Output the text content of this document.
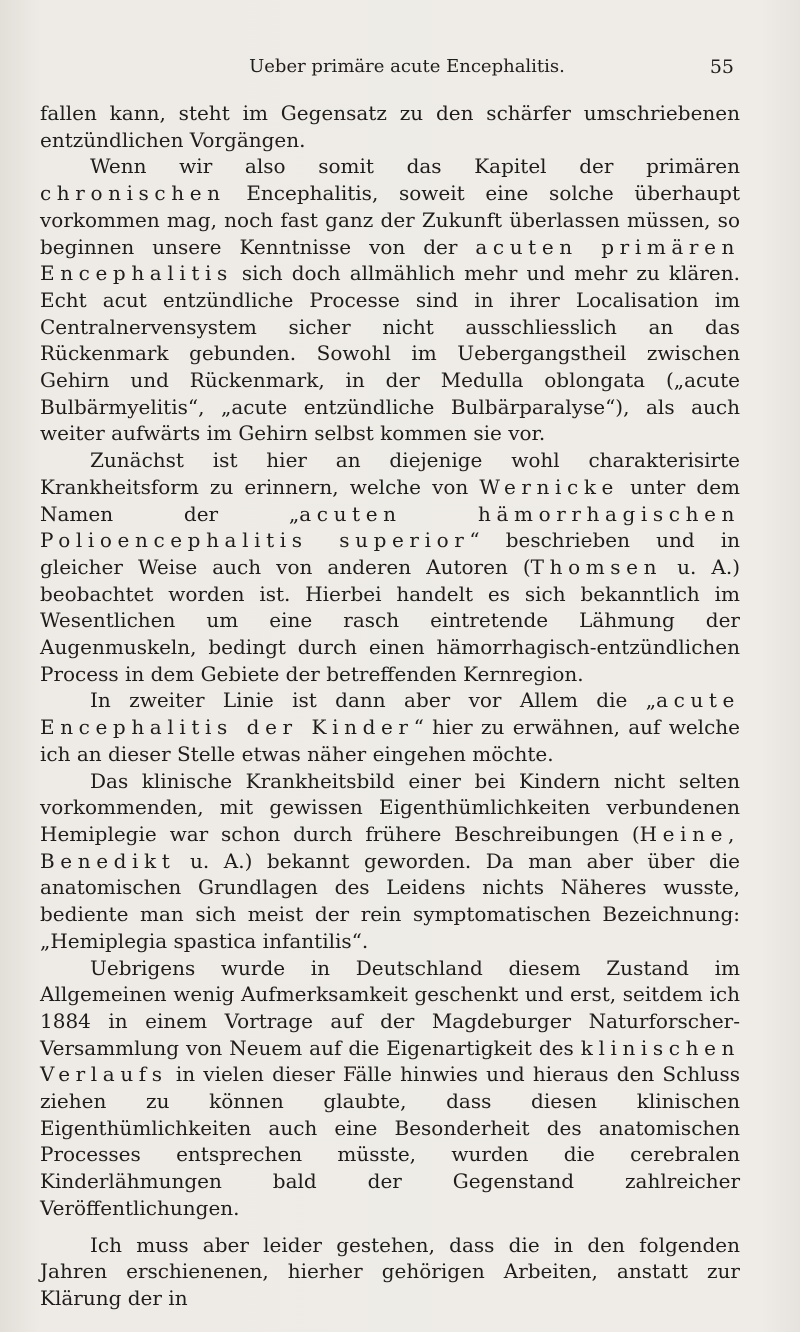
Ueber primäre acute Encephalitis.	55

fallen kann, steht im Gegensatz zu den schärfer umschriebenen entzündlichen Vorgängen.

Wenn wir also somit das Kapitel der primären chronischen Encephalitis, soweit eine solche überhaupt vorkommen mag, noch fast ganz der Zukunft überlassen müssen, so beginnen unsere Kenntnisse von der acuten primären Encephalitis sich doch allmählich mehr und mehr zu klären. Echt acut entzündliche Processe sind in ihrer Localisation im Centralnervensystem sicher nicht ausschliesslich an das Rückenmark gebunden. Sowohl im Uebergangstheil zwischen Gehirn und Rückenmark, in der Medulla oblongata („acute Bulbärmyelitis“, „acute entzündliche Bulbärparalyse“), als auch weiter aufwärts im Gehirn selbst kommen sie vor.

Zunächst ist hier an diejenige wohl charakterisirte Krankheitsform zu erinnern, welche von Wernicke unter dem Namen der „acuten hämorrhagischen Polioencephalitis superior“ beschrieben und in gleicher Weise auch von anderen Autoren (Thomsen u. A.) beobachtet worden ist. Hierbei handelt es sich bekanntlich im Wesentlichen um eine rasch eintretende Lähmung der Augenmuskeln, bedingt durch einen hämorrhagisch-entzündlichen Process in dem Gebiete der betreffenden Kernregion.

In zweiter Linie ist dann aber vor Allem die „acute Encephalitis der Kinder“ hier zu erwähnen, auf welche ich an dieser Stelle etwas näher eingehen möchte.

Das klinische Krankheitsbild einer bei Kindern nicht selten vorkommenden, mit gewissen Eigenthümlichkeiten verbundenen Hemiplegie war schon durch frühere Beschreibungen (Heine, Benedikt u. A.) bekannt geworden. Da man aber über die anatomischen Grundlagen des Leidens nichts Näheres wusste, bediente man sich meist der rein symptomatischen Bezeichnung: „Hemiplegia spastica infantilis“.

Uebrigens wurde in Deutschland diesem Zustand im Allgemeinen wenig Aufmerksamkeit geschenkt und erst, seitdem ich 1884 in einem Vortrage auf der Magdeburger Naturforscher-Versammlung von Neuem auf die Eigenartigkeit des klinischen Verlaufs in vielen dieser Fälle hinwies und hieraus den Schluss ziehen zu können glaubte, dass diesen klinischen Eigenthümlichkeiten auch eine Besonderheit des anatomischen Processes entsprechen müsste, wurden die cerebralen Kinderlähmungen bald der Gegenstand zahlreicher Veröffentlichungen.

Ich muss aber leider gestehen, dass die in den folgenden Jahren erschienenen, hierher gehörigen Arbeiten, anstatt zur Klärung der in
